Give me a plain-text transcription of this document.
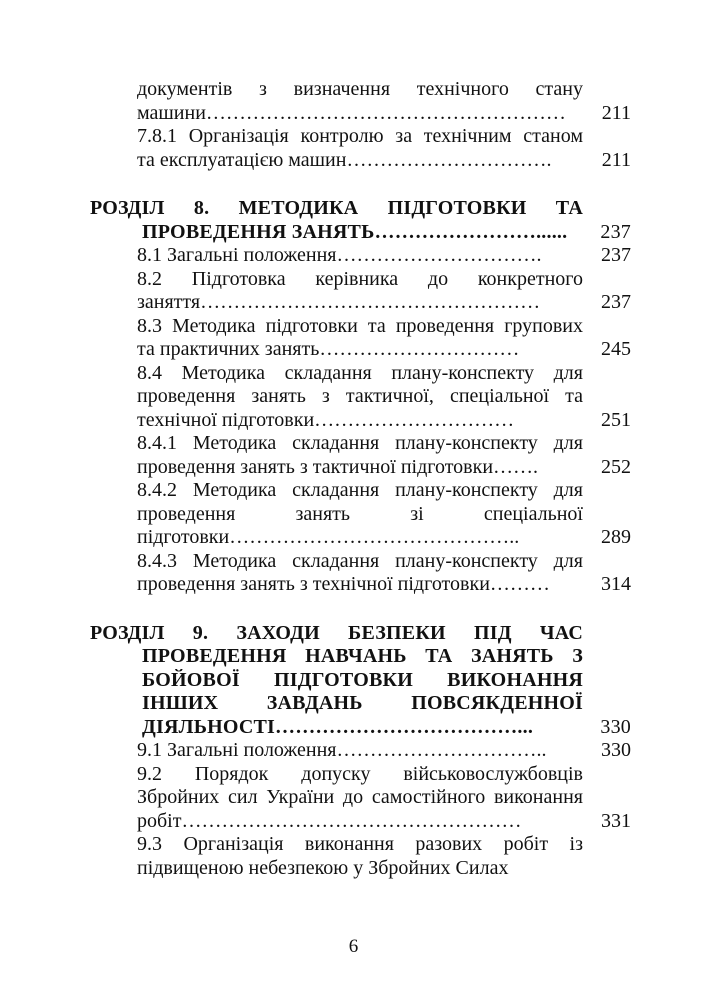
документів з визначення технічного стану
машини……………………………………………… 211
7.8.1 Організація контролю за технічним станом
та експлуатацією машин………………………….	211
РОЗДІЛ 8. МЕТОДИКА ПІДГОТОВКИ ТА
ПРОВЕДЕННЯ ЗАНЯТЬ……………………...... 237
8.1 Загальні положення………………………….	237
8.2 Підготовка керівника до конкретного
заняття……………………………………………	237
8.3 Методика підготовки та проведення групових
та практичних занять…………………………	245
8.4 Методика складання плану-конспекту для
проведення занять з тактичної, спеціальної та
технічної підготовки…………………………	251
8.4.1 Методика складання плану-конспекту для
проведення занять з тактичної підготовки…….	252
8.4.2 Методика складання плану-конспекту для
проведення занять зі спеціальної
підготовки……………………………………..	289
8.4.3 Методика складання плану-конспекту для
проведення занять з технічної підготовки………	314
РОЗДІЛ 9. ЗАХОДИ БЕЗПЕКИ ПІД ЧАС
ПРОВЕДЕННЯ НАВЧАНЬ ТА ЗАНЯТЬ З
БОЙОВОЇ ПІДГОТОВКИ ВИКОНАННЯ
ІНШИХ ЗАВДАНЬ ПОВСЯКДЕННОЇ
ДІЯЛЬНОСТІ………………………………...	330
9.1 Загальні положення…………………………..	330
9.2 Порядок допуску військовослужбовців
Збройних сил України до самостійного виконання
робіт……………………………………………	331
9.3 Організація виконання разових робіт із
підвищеною небезпекою у Збройних Силах
6
